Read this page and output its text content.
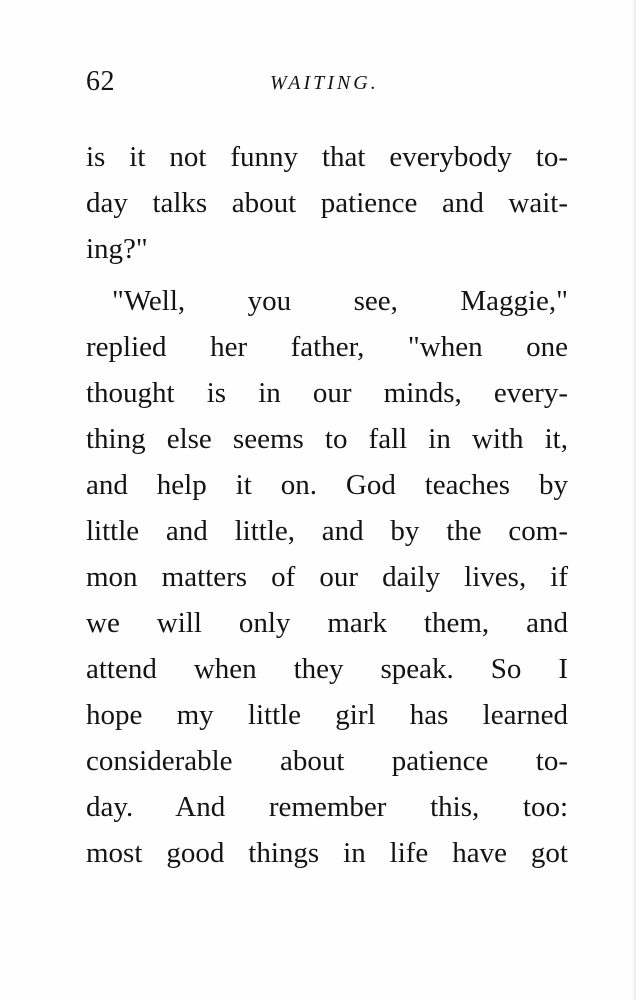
62	WAITING.
is it not funny that everybody to-
day talks about patience and wait-
ing?"
"Well, you see, Maggie,"
replied her father, "when one
thought is in our minds, every-
thing else seems to fall in with it,
and help it on. God teaches by
little and little, and by the com-
mon matters of our daily lives, if
we will only mark them, and
attend when they speak. So I
hope my little girl has learned
considerable about patience to-
day. And remember this, too:
most good things in life have got
